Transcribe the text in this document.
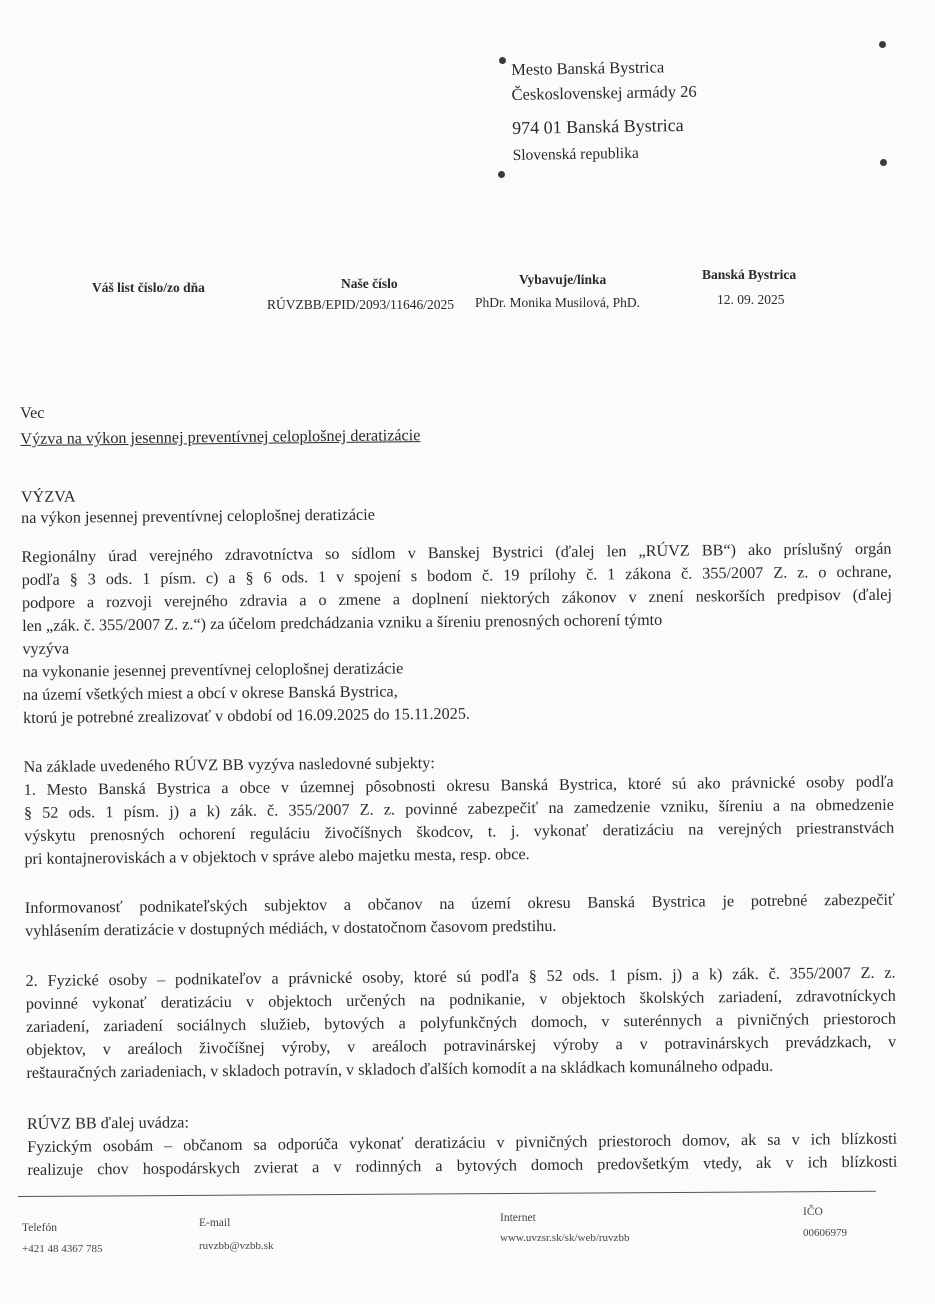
Mesto Banská Bystrica
Československej armády 26
974 01 Banská Bystrica
Slovenská republika
Váš list číslo/zo dňa	Naše číslo
RÚVZBB/EPID/2093/11646/2025
Vybavuje/linka
PhDr. Monika Musilová, PhD.
Banská Bystrica
12. 09. 2025
Vec
Výzva na výkon jesennej preventívnej celoplošnej deratizácie
VÝZVA
na výkon jesennej preventívnej celoplošnej deratizácie
Regionálny úrad verejného zdravotníctva so sídlom v Banskej Bystrici (ďalej len „RÚVZ BB“) ako príslušný orgán
podľa § 3 ods. 1 písm. c) a § 6 ods. 1 v spojení s bodom č. 19 prílohy č. 1 zákona č. 355/2007 Z. z. o ochrane,
podpore a rozvoji verejného zdravia a o zmene a doplnení niektorých zákonov v znení neskorších predpisov (ďalej
len „zák. č. 355/2007 Z. z.“) za účelom predchádzania vzniku a šíreniu prenosných ochorení týmto
vyzýva
na vykonanie jesennej preventívnej celoplošnej deratizácie
na území všetkých miest a obcí v okrese Banská Bystrica,
ktorú je potrebné zrealizovať v období od 16.09.2025 do 15.11.2025.
Na základe uvedeného RÚVZ BB vyzýva nasledovné subjekty:
1. Mesto Banská Bystrica a obce v územnej pôsobnosti okresu Banská Bystrica, ktoré sú ako právnické osoby podľa
§ 52 ods. 1 písm. j) a k) zák. č. 355/2007 Z. z. povinné zabezpečiť na zamedzenie vzniku, šíreniu a na obmedzenie
výskytu prenosných ochorení reguláciu živočíšnych škodcov, t. j. vykonať deratizáciu na verejných priestranstvách
pri kontajneroviskách a v objektoch v správe alebo majetku mesta, resp. obce.
Informovanosť podnikateľských subjektov a občanov na území okresu Banská Bystrica je potrebné zabezpečiť
vyhlásením deratizácie v dostupných médiách, v dostatočnom časovom predstihu.
2. Fyzické osoby – podnikateľov a právnické osoby, ktoré sú podľa § 52 ods. 1 písm. j) a k) zák. č. 355/2007 Z. z.
povinné vykonať deratizáciu v objektoch určených na podnikanie, v objektoch školských zariadení, zdravotníckych
zariadení, zariadení sociálnych služieb, bytových a polyfunkčných domoch, v suterénnych a pivničných priestoroch
objektov, v areáloch živočíšnej výroby, v areáloch potravinárskej výroby a v potravinárskych prevádzkach, v
reštauračných zariadeniach, v skladoch potravín, v skladoch ďalších komodít a na skládkach komunálneho odpadu.
RÚVZ BB ďalej uvádza:
Fyzickým osobám – občanom sa odporúča vykonať deratizáciu v pivničných priestoroch domov, ak sa v ich blízkosti
realizuje chov hospodárskych zvierat a v rodinných a bytových domoch predovšetkým vtedy, ak v ich blízkosti
Telefón
+421 48 4367 785
E-mail
ruvzbb@vzbb.sk
Internet
www.uvzsr.sk/sk/web/ruvzbb
IČO
00606979
